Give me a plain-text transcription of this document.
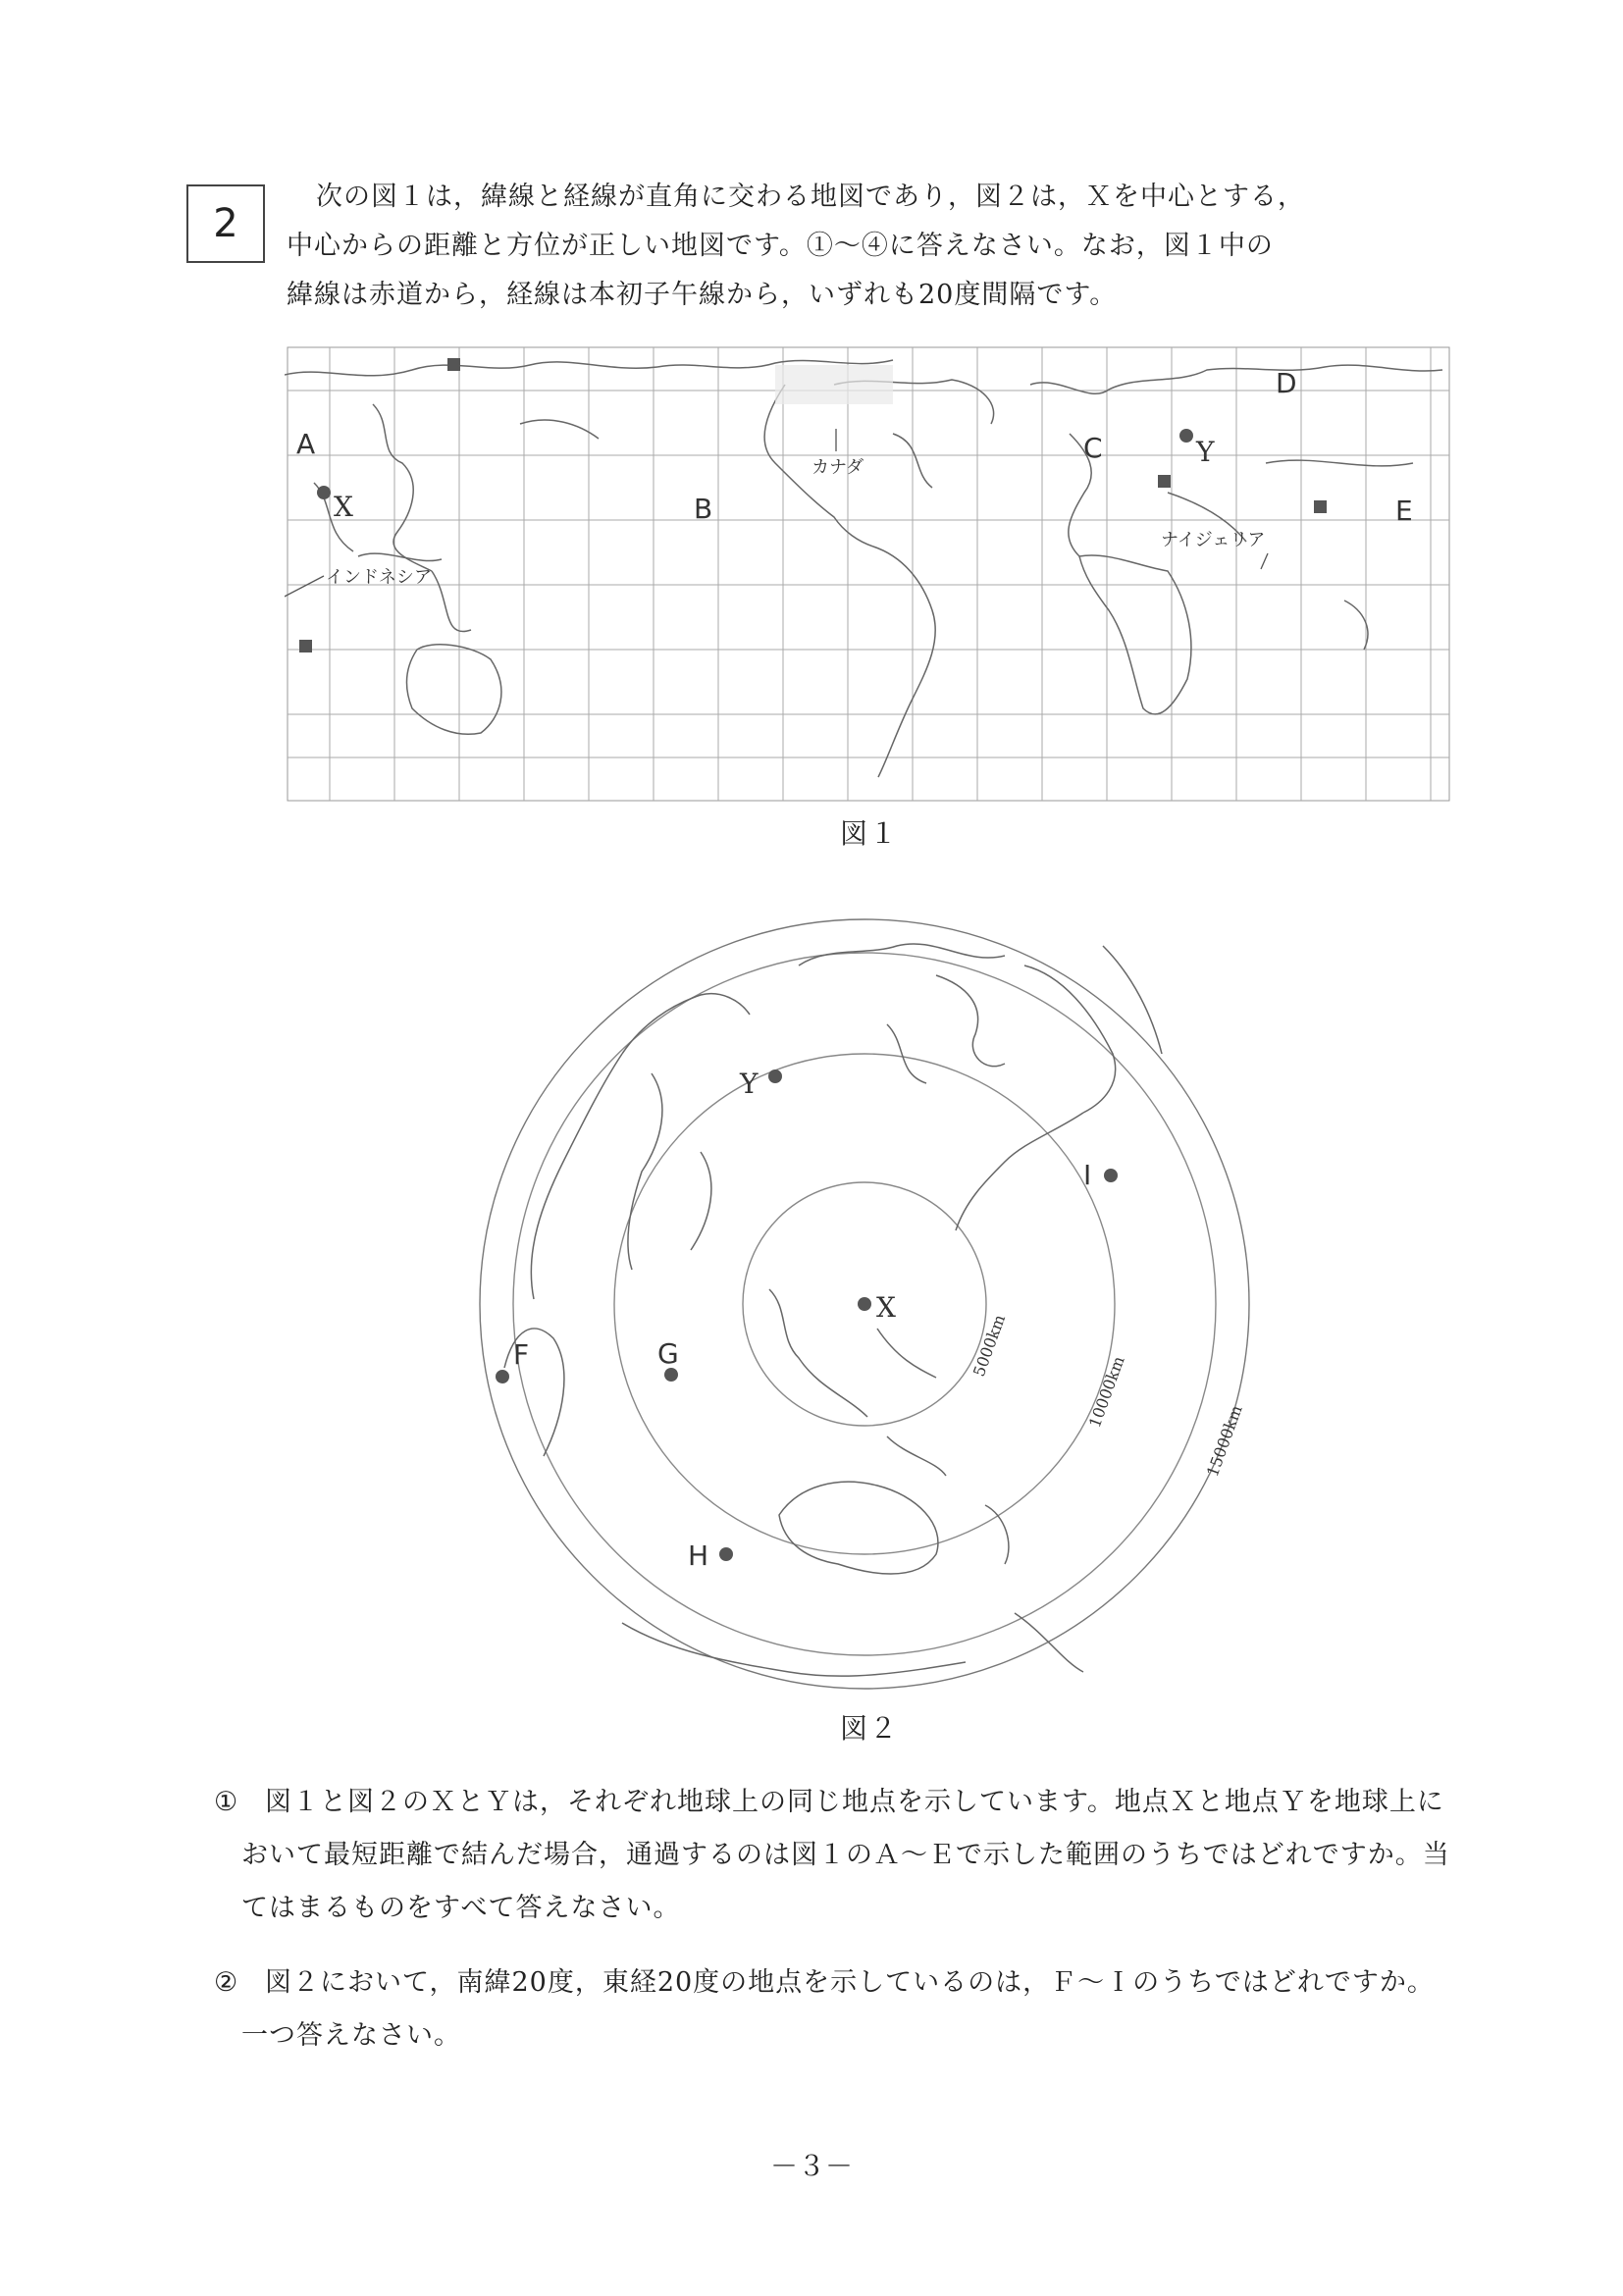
2

次の図１は，緯線と経線が直角に交わる地図であり，図２は，Ｘを中心とする，

中心からの距離と方位が正しい地図です。①～④に答えなさい。なお，図１中の

緯線は赤道から，経線は本初子午線から，いずれも20度間隔です。

A
B
C
D
E
X
Y
インドネシア
カナダ
ナイジェリア
図１
F	G
H
I
X
Y
5000km
10000km
15000km
図２
① 図１と図２のＸとＹは，それぞれ地球上の同じ地点を示しています。地点Ｘと地点Ｙを地球上において最短距離で結んだ場合，通過するのは図１のＡ～Ｅで示した範囲のうちではどれですか。当てはまるものをすべて答えなさい。
② 図２において，南緯20度，東経20度の地点を示しているのは，Ｆ～Ｉのうちではどれですか。一つ答えなさい。
－３－
